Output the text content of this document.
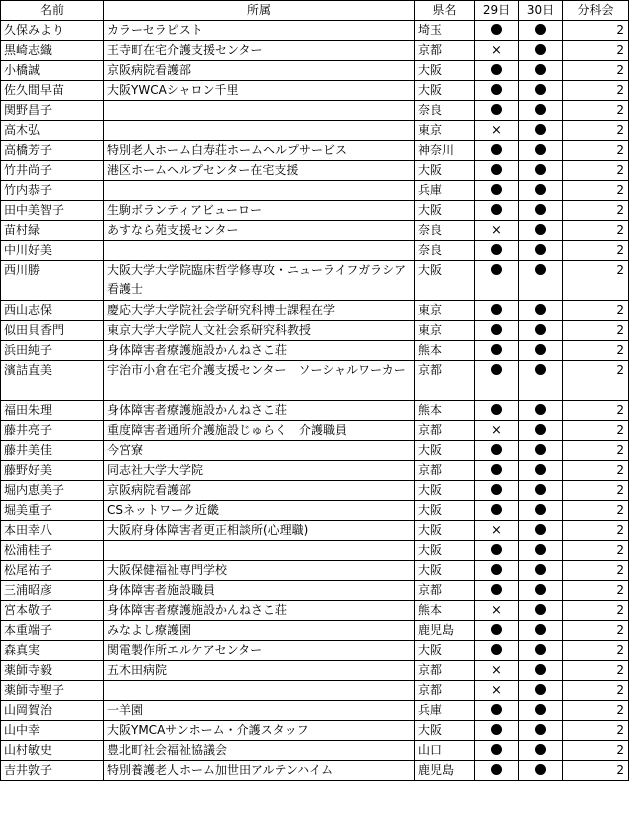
名前	所属	県名	29日	30日	分科会
久保みより	カラーセラピスト	埼玉			2
黒崎志織	王寺町在宅介護支援センター	京都	×		2
小橋誠	京阪病院看護部	大阪			2
佐久間早苗	大阪YWCAシャロン千里	大阪			2
関野昌子		奈良			2
高木弘		東京	×		2
高橋芳子	特別老人ホーム白寿荘ホームヘルプサービス	神奈川			2
竹井尚子	港区ホームヘルプセンター在宅支援	大阪			2
竹内恭子		兵庫			2
田中美智子	生駒ボランティアビューロー	大阪			2
苗村緑	あすなら苑支援センター	奈良	×		2
中川好美		奈良			2
西川勝	大阪大学大学院臨床哲学修専攻・ニューライフガラシア看護士	大阪			2
西山志保	慶応大学大学院社会学研究科博士課程在学	東京			2
似田貝香門	東京大学大学院人文社会系研究科教授	東京			2
浜田純子	身体障害者療護施設かんねさこ荘	熊本			2
濱詰直美	宇治市小倉在宅介護支援センター　ソーシャルワーカー	京都			2
福田朱理	身体障害者療護施設かんねさこ荘	熊本			2
藤井亮子	重度障害者通所介護施設じゅらく　介護職員	京都	×		2
藤井美佳	今宮寮	大阪			2
藤野好美	同志社大学大学院	京都			2
堀内恵美子	京阪病院看護部	大阪			2
堀美重子	CSネットワーク近畿	大阪			2
本田幸八	大阪府身体障害者更正相談所(心理職)	大阪	×		2
松浦桂子		大阪			2
松尾祐子	大阪保健福祉専門学校	大阪			2
三浦昭彦	身体障害者施設職員	京都			2
宮本敬子	身体障害者療護施設かんねさこ荘	熊本	×		2
本重端子	みなよし療護園	鹿児島			2
森真実	関電製作所エルケアセンター	大阪			2
薬師寺毅	五木田病院	京都	×		2
薬師寺聖子		京都	×		2
山岡賀治	一羊園	兵庫			2
山中幸	大阪YMCAサンホーム・介護スタッフ	大阪			2
山村敏史	豊北町社会福祉協議会	山口			2
吉井敦子	特別養護老人ホーム加世田アルテンハイム	鹿児島			2
